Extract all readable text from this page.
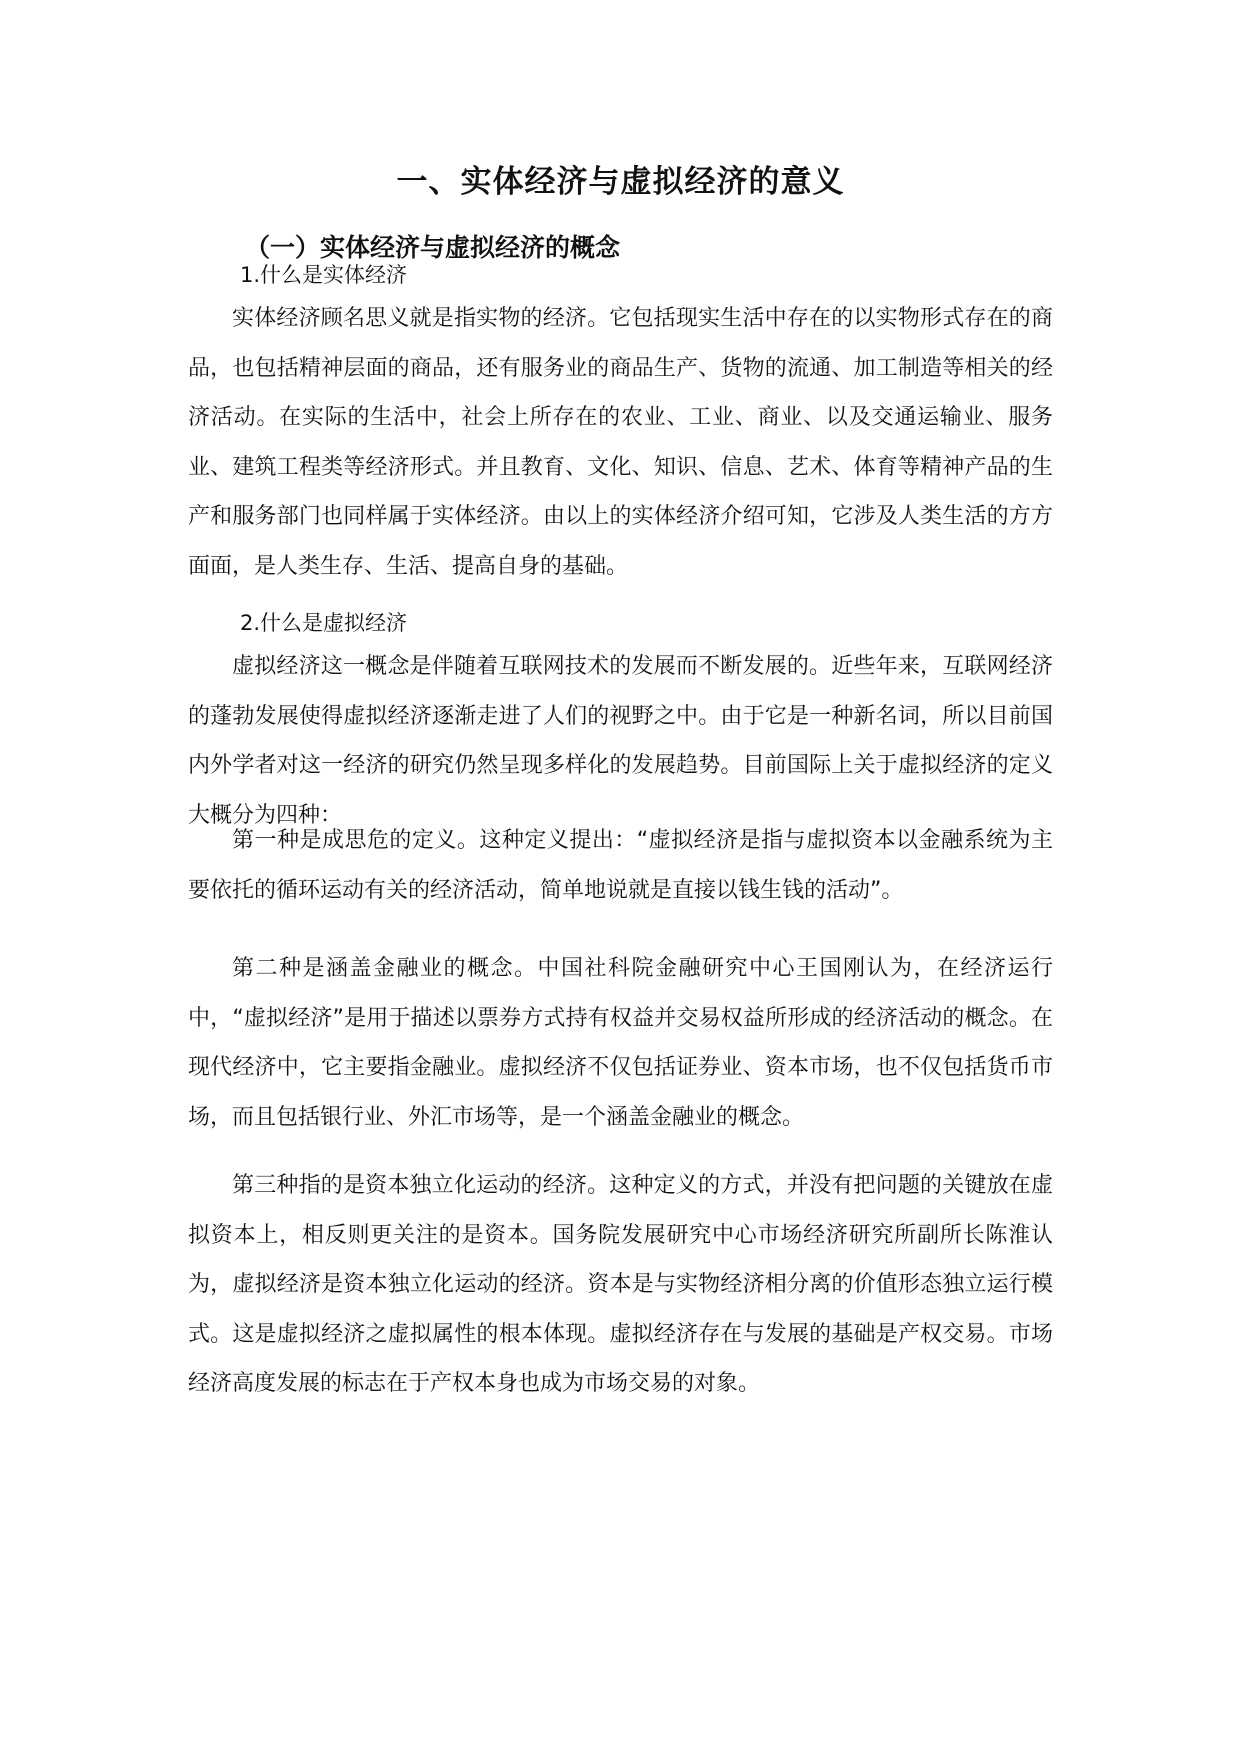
一、实体经济与虚拟经济的意义
（一）实体经济与虚拟经济的概念
1.什么是实体经济

实体经济顾名思义就是指实物的经济。它包括现实生活中存在的以实物形式存在的商品，也包括精神层面的商品，还有服务业的商品生产、货物的流通、加工制造等相关的经济活动。在实际的生活中，社会上所存在的农业、工业、商业、以及交通运输业、服务业、建筑工程类等经济形式。并且教育、文化、知识、信息、艺术、体育等精神产品的生产和服务部门也同样属于实体经济。由以上的实体经济介绍可知，它涉及人类生活的方方面面，是人类生存、生活、提高自身的基础。

2.什么是虚拟经济

虚拟经济这一概念是伴随着互联网技术的发展而不断发展的。近些年来，互联网经济的蓬勃发展使得虚拟经济逐渐走进了人们的视野之中。由于它是一种新名词，所以目前国内外学者对这一经济的研究仍然呈现多样化的发展趋势。目前国际上关于虚拟经济的定义大概分为四种：

第一种是成思危的定义。这种定义提出：“虚拟经济是指与虚拟资本以金融系统为主要依托的循环运动有关的经济活动，简单地说就是直接以钱生钱的活动”。

第二种是涵盖金融业的概念。中国社科院金融研究中心王国刚认为，在经济运行中，“虚拟经济”是用于描述以票券方式持有权益并交易权益所形成的经济活动的概念。在现代经济中，它主要指金融业。虚拟经济不仅包括证券业、资本市场，也不仅包括货币市场，而且包括银行业、外汇市场等，是一个涵盖金融业的概念。

第三种指的是资本独立化运动的经济。这种定义的方式，并没有把问题的关键放在虚拟资本上，相反则更关注的是资本。国务院发展研究中心市场经济研究所副所长陈淮认为，虚拟经济是资本独立化运动的经济。资本是与实物经济相分离的价值形态独立运行模式。这是虚拟经济之虚拟属性的根本体现。虚拟经济存在与发展的基础是产权交易。市场经济高度发展的标志在于产权本身也成为市场交易的对象。
